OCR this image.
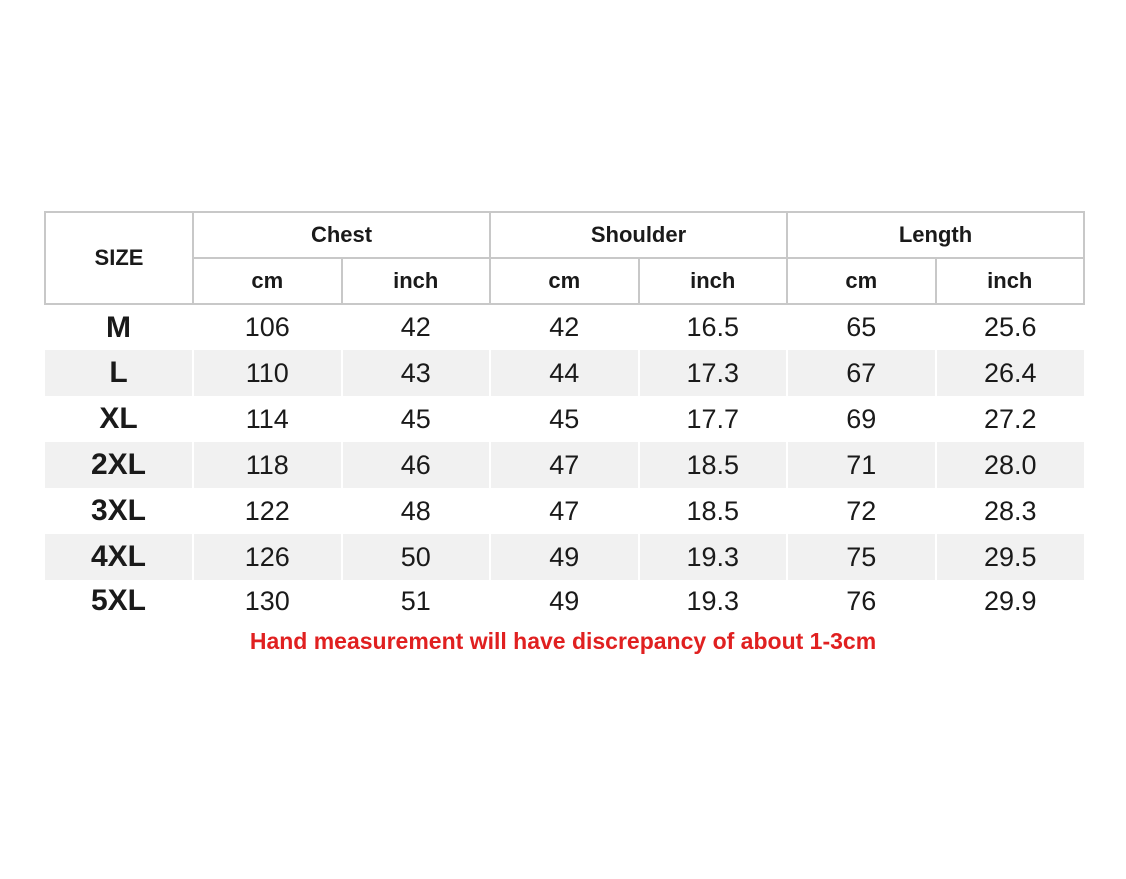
SIZE	Chest		Shoulder		Length	
	cm	inch	cm	inch	cm	inch
M	106	42	42	16.5	65	25.6
L	110	43	44	17.3	67	26.4
XL	114	45	45	17.7	69	27.2
2XL	118	46	47	18.5	71	28.0
3XL	122	48	47	18.5	72	28.3
4XL	126	50	49	19.3	75	29.5
5XL	130	51	49	19.3	76	29.9
Hand measurement will have discrepancy of about 1-3cm
